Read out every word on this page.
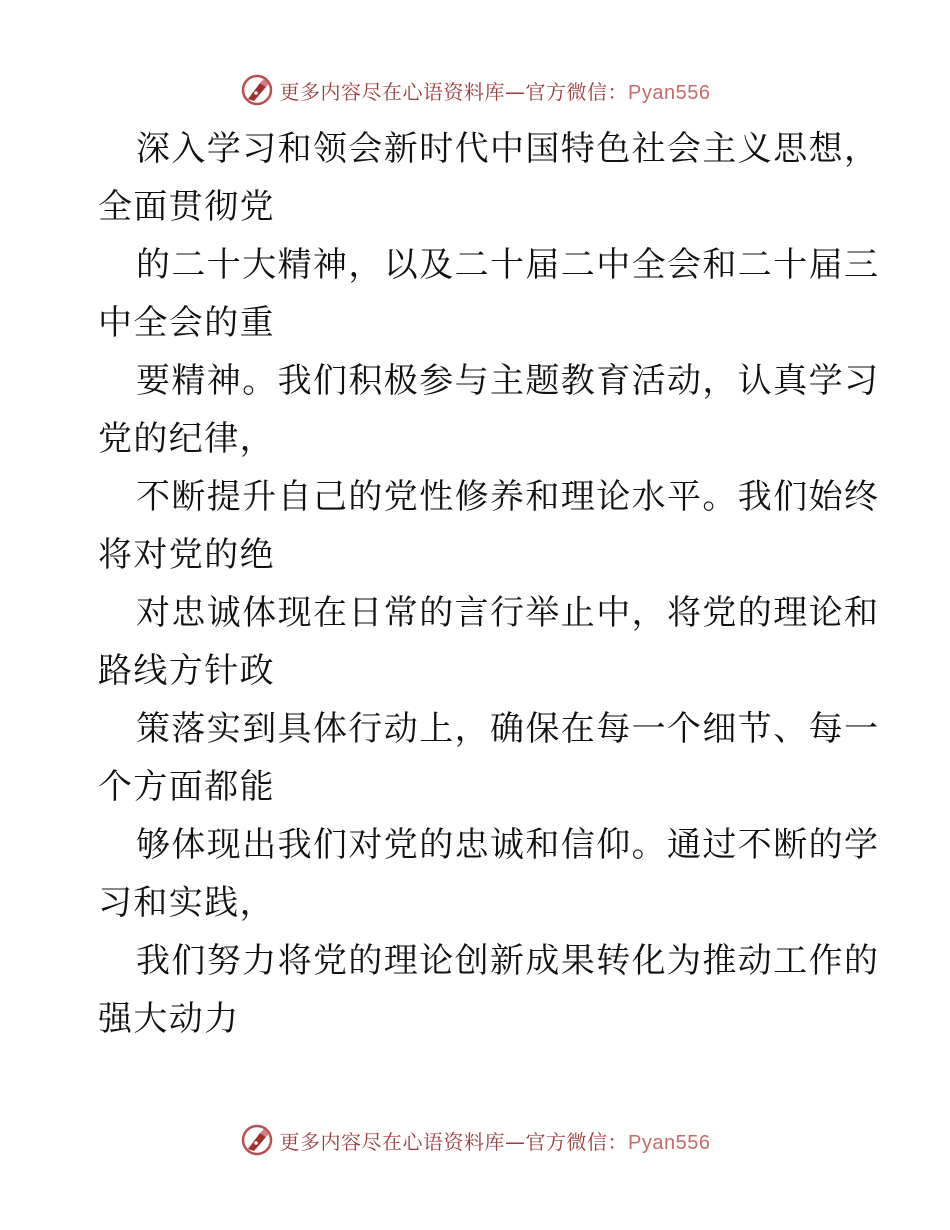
更多内容尽在心语资料库—官方微信：Pyan556
深入学习和领会新时代中国特色社会主义思想，
全面贯彻党
的二十大精神，以及二十届二中全会和二十届三
中全会的重
要精神。我们积极参与主题教育活动，认真学习
党的纪律，
不断提升自己的党性修养和理论水平。我们始终
将对党的绝
对忠诚体现在日常的言行举止中，将党的理论和
路线方针政
策落实到具体行动上，确保在每一个细节、每一
个方面都能
够体现出我们对党的忠诚和信仰。通过不断的学
习和实践，
我们努力将党的理论创新成果转化为推动工作的
强大动力
更多内容尽在心语资料库—官方微信：Pyan556
